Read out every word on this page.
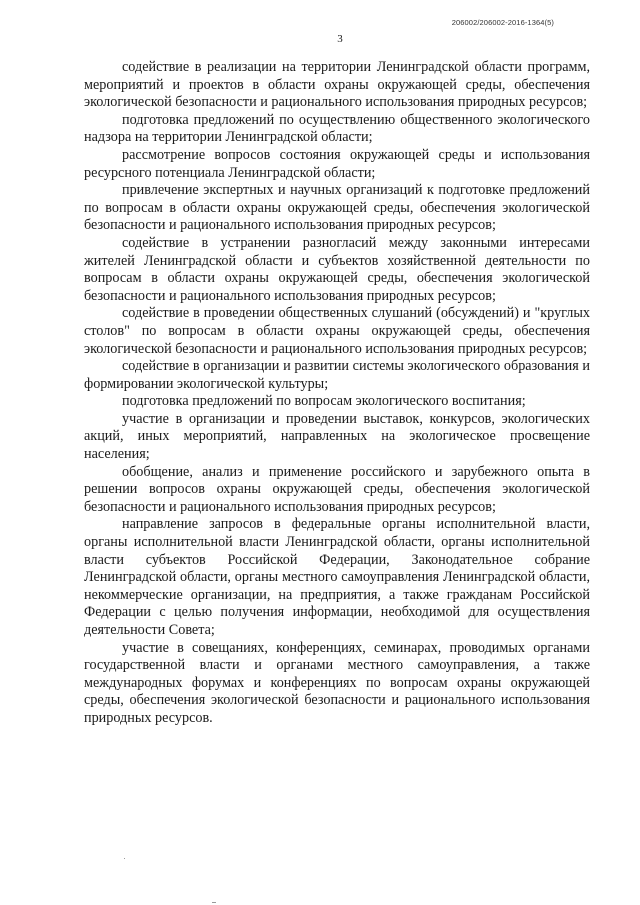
206002/206002-2016-1364(5)
3

содействие в реализации на территории Ленинградской области программ, мероприятий и проектов в области охраны окружающей среды, обеспечения экологической безопасности и рационального использования природных ресурсов;

подготовка предложений по осуществлению общественного экологического надзора на территории Ленинградской области;

рассмотрение вопросов состояния окружающей среды и использования ресурсного потенциала Ленинградской области;

привлечение экспертных и научных организаций к подготовке предложений по вопросам в области охраны окружающей среды, обеспечения экологической безопасности и рационального использования природных ресурсов;

содействие в устранении разногласий между законными интересами жителей Ленинградской области и субъектов хозяйственной деятельности по вопросам в области охраны окружающей среды, обеспечения экологической безопасности и рационального использования природных ресурсов;

содействие в проведении общественных слушаний (обсуждений) и "круглых столов" по вопросам в области охраны окружающей среды, обеспечения экологической безопасности и рационального использования природных ресурсов;

содействие в организации и развитии системы экологического образования и формировании экологической культуры;

подготовка предложений по вопросам экологического воспитания;

участие в организации и проведении выставок, конкурсов, экологических акций, иных мероприятий, направленных на экологическое просвещение населения;

обобщение, анализ и применение российского и зарубежного опыта в решении вопросов охраны окружающей среды, обеспечения экологической безопасности и рационального использования природных ресурсов;

направление запросов в федеральные органы исполнительной власти, органы исполнительной власти Ленинградской области, органы исполнительной власти субъектов Российской Федерации, Законодательное собрание Ленинградской области, органы местного самоуправления Ленинградской области, некоммерческие организации, на предприятия, а также гражданам Российской Федерации с целью получения информации, необходимой для осуществления деятельности Совета;

участие в совещаниях, конференциях, семинарах, проводимых органами государственной власти и органами местного самоуправления, а также международных форумах и конференциях по вопросам охраны окружающей среды, обеспечения экологической безопасности и рационального использования природных ресурсов.
